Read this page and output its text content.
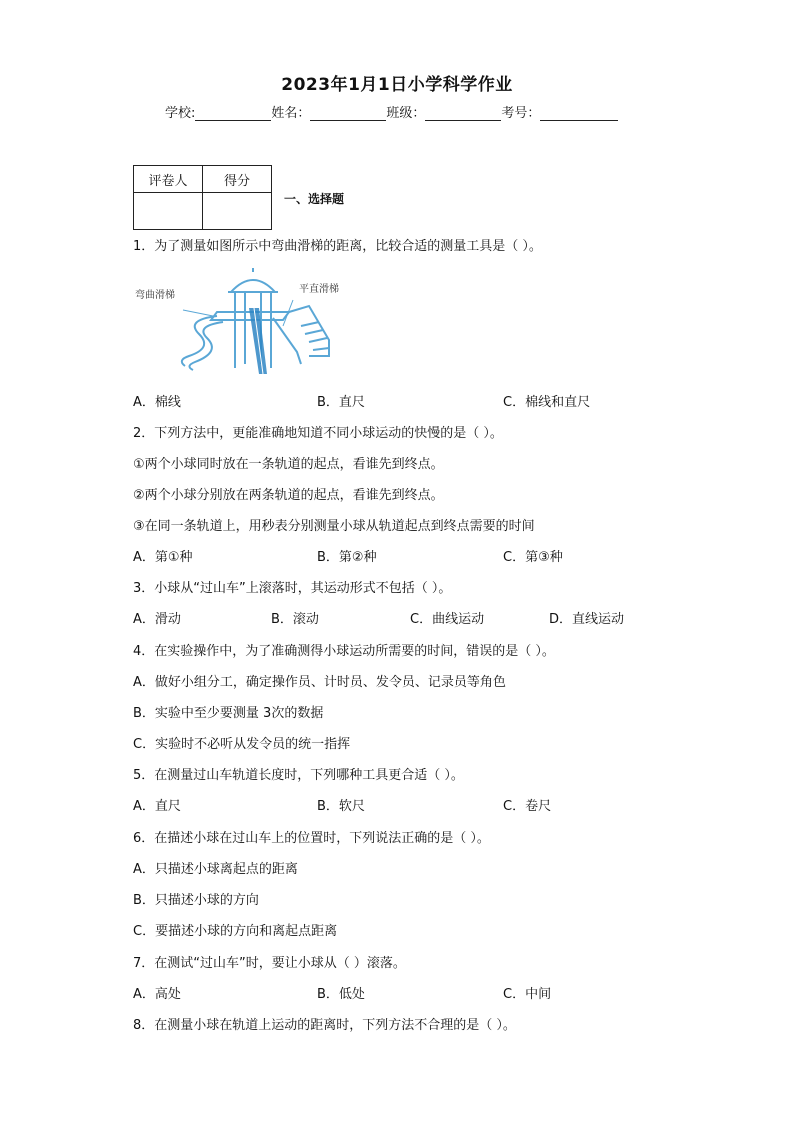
2023年1月1日小学科学作业
学校:	姓名：	班级：	考号：
评卷人	得分

一、选择题
1．为了测量如图所示中弯曲滑梯的距离，比较合适的测量工具是（ ）。
弯曲滑梯
平直滑梯
A．棉线	B．直尺	C．棉线和直尺
2．下列方法中，更能准确地知道不同小球运动的快慢的是（ ）。
①两个小球同时放在一条轨道的起点，看谁先到终点。
②两个小球分别放在两条轨道的起点，看谁先到终点。
③在同一条轨道上，用秒表分别测量小球从轨道起点到终点需要的时间
A．第①种	B．第②种	C．第③种
3．小球从“过山车”上滚落时，其运动形式不包括（ ）。
A．滑动	B．滚动	C．曲线运动	D．直线运动
4．在实验操作中，为了准确测得小球运动所需要的时间，错误的是（ ）。
A．做好小组分工，确定操作员、计时员、发令员、记录员等角色
B．实验中至少要测量 3次的数据
C．实验时不必听从发令员的统一指挥
5．在测量过山车轨道长度时，下列哪种工具更合适（ ）。
A．直尺	B．软尺	C．卷尺
6．在描述小球在过山车上的位置时，下列说法正确的是（ ）。
A．只描述小球离起点的距离
B．只描述小球的方向
C．要描述小球的方向和离起点距离
7．在测试“过山车”时，要让小球从（ ）滚落。
A．高处	B．低处	C．中间
8．在测量小球在轨道上运动的距离时，下列方法不合理的是（ ）。
